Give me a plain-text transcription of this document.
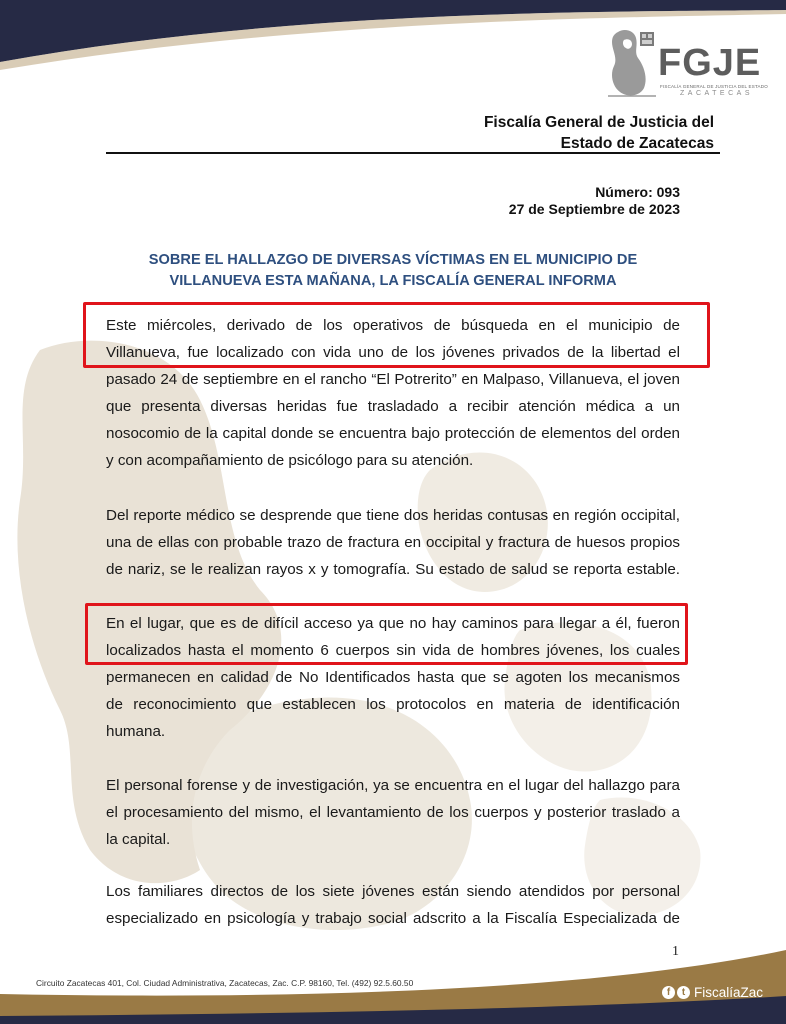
FGJE
FISCALÍA GENERAL DE JUSTICIA DEL ESTADO
ZACATECAS
Fiscalía General de Justicia del
Estado de Zacatecas
Número: 093
27 de Septiembre de 2023
SOBRE EL HALLAZGO DE DIVERSAS VÍCTIMAS EN EL MUNICIPIO DE
VILLANUEVA ESTA MAÑANA, LA FISCALÍA GENERAL INFORMA

Este miércoles, derivado de los operativos de búsqueda en el municipio de
Villanueva, fue localizado con vida uno de los jóvenes privados de la libertad el
pasado 24 de septiembre en el rancho “El Potrerito” en Malpaso, Villanueva, el joven
que presenta diversas heridas fue trasladado a recibir atención médica a un
nosocomio de la capital donde se encuentra bajo protección de elementos del orden
y con acompañamiento de psicólogo para su atención.

Del reporte médico se desprende que tiene dos heridas contusas en región occipital,
una de ellas con probable trazo de fractura en occipital y fractura de huesos propios
de nariz, se le realizan rayos x y tomografía. Su estado de salud se reporta estable.

En el lugar, que es de difícil acceso ya que no hay caminos para llegar a él, fueron
localizados hasta el momento 6 cuerpos sin vida de hombres jóvenes, los cuales
permanecen en calidad de No Identificados hasta que se agoten los mecanismos
de reconocimiento que establecen los protocolos en materia de identificación
humana.

El personal forense y de investigación, ya se encuentra en el lugar del hallazgo para
el procesamiento del mismo, el levantamiento de los cuerpos y posterior traslado a
la capital.

Los familiares directos de los siete jóvenes están siendo atendidos por personal
especializado en psicología y trabajo social adscrito a la Fiscalía Especializada de

1
Circuito Zacatecas 401, Col. Ciudad Administrativa, Zacatecas, Zac. C.P. 98160, Tel. (492) 92.5.60.50
f	t FiscalíaZac
